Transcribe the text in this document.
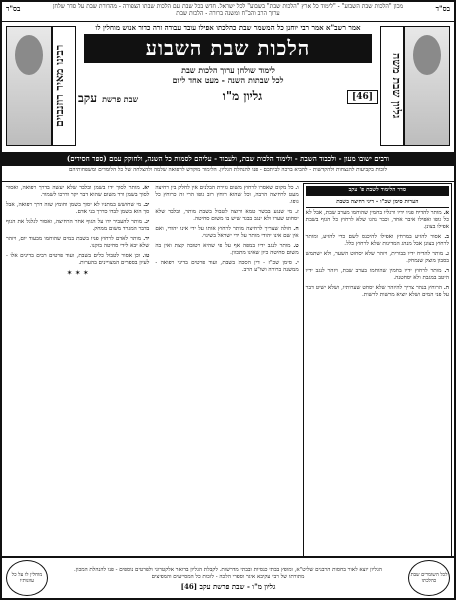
מכון "הלכות שבת השבוע" - "לימוד כל ארץ "הלכות שבת" בשבוע" לכל ישראל. חדש בכל שבת עם הלכות שבתו הצפורה - מהדורת שבת על סדר שלחן ערוך הרב והב"ח ומשנה ברורה - הלכות שבת
בס"ד
בס"ד
גליון שבת משה
רבינו מאיר רוזנבוים
אמר רשב"א אמר רבי יוחנן כל המשמר שבת כהלכתו אפילו עובד עבודה זרה כדור אנוש מוחלין לו
הלכות שבת השבוע
לימוד שולחן ערוך הלכות שבת
לכל שבתות השנה - מעט אחד ליום
[46]
גליון מ"ו
שבת פרשת עקב
ורבים ישובו מעון - ולכבוד השבת - ולימוד הלכות שבת, ולעבוד - עליהם לסמות כל השנה, ולחוקק עמם (ספר חסידים)
לזכות בקביעות להנצחות ולהקדשות - להביא ברכה לביתכם - פנו להנהלת הגליון. הלימוד מוקדש לרפואה שלמה ולהצלחה של כל הלומדים ומשפחותיהם
סדר הלימוד לשבת פ' עקב
הערות סימן שכ"ו - דיני רחיצה בשבת
א. מותר להדיח פניו ידיו ורגליו בחמין שהוחמו מערב שבת, אבל לא כל גופו ואפילו איבר אחד, וכבר נהגו שלא לרחוץ כל הגוף בשבת אפילו בצונן.
ב. אסור להזיע במרחץ ואפילו להיכנס לשם כדי להזיע, ומותר לרחוץ בצונן אבל מנהג המדינות שלא לרחוץ כלל.
ג. מותר להדיח ידיו בבורית, ויזהר שלא יסחוט השער, ולא ישתמש בסבון מוצק שנמחק.
ד. מותר לרחוץ ידיו בחמין שהוחמו בערב שבת, ויזהר לנגב ידיו היטב במגבת ולא יסחטנה.
ה. הרוחץ בנהר צריך להיזהר שלא יסחט שערותיו, ושלא ישיט דבר על פני המים ושלא יוציא מרשות לרשות.
ו. כל מקום שאסרו לרחוץ משום גזירת הבלנים אין לחלק בין רחיצה מעט לרחיצה הרבה, וכל שהוא רוחץ רוב גופו הרי זה כרוחץ כל גופו.
ז. מי שנגע בבשר טמא ורוצה לטבול בשבת מותר, ובלבד שלא יסחוט שערו ולא ינגב בבגד שיש בו משום סחיטה.
ח. חולה שצריך לרחיצה מותר לרחוץ אותו על ידי אינו יהודי, ואם אין שם אינו יהודי מותר על ידי ישראל בשינוי.
ט. מותר לנגב ידיו במפה אף על פי שהיא רטובה קצת ואין בה משום סחיטה כיון שאינו מתכוון.
י. סימן שכ"ז - דין הסכה בשבת, ועוד פרטים בדיני רפואה - ממשנה ברורה ושו"ע הרב.
יא. מותר לסוך ידו בשמן ובלבד שלא יעשה בדרך רפואה, ואסור לסוך בשמן ורד משום שהוא דבר יקר ודרכו לשמור.
יב. מי שחושש במתניו לא יסוך בשמן וחומץ שזה דרך רפואה, אבל סך הוא בשמן לבדו כדרך בני אדם.
יג. מותר להעביר ידו על הגוף אחר הרחיצה, ואסור לגלגל את הגוף בדבר המגרד משום ממחק.
יד. מותר לאדם לרחוץ פניו בשבת במים שהוחמו מבעוד יום, ויזהר שלא יבא לידי סחיטה בזקנו.
טו. וכן אסור לטבול כלים בשבת, ועוד פרטים רבים בדינים אלו - לעיון בספרים המצויינים בהערות.
✶ ✶ ✶
לכל השומרים שבת כהלכתו
הגליון יוצא לאור בחסות הרבנים שליט"א, ומופץ בבתי כנסיות ובבתי מדרשות. לקבלת הגליון בדואר אלקטרוני ולפרטים נוספים - פנו להנהלת המכון.
מתורתו של רבי עקיבא איגר וספרי הלכה - לזכות כל המסייעים והמפיצים
גליון מ"ו - שבת פרשת עקב [46]
מוחלין לו על כל עוונותיו
